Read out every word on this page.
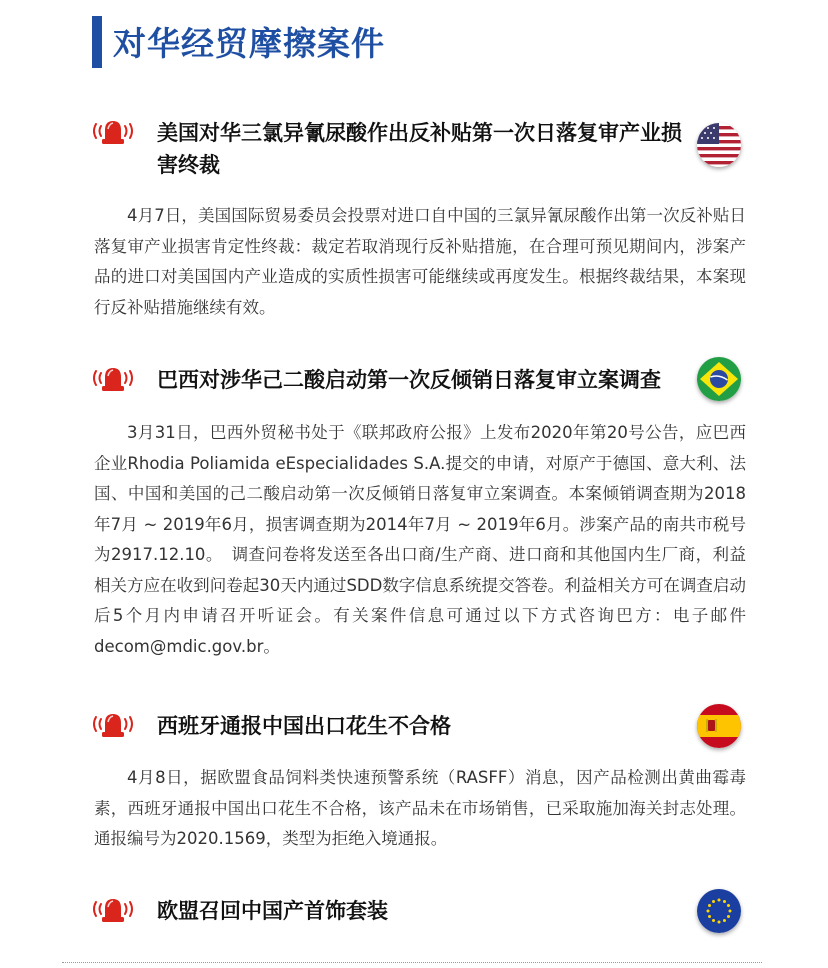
对华经贸摩擦案件
美国对华三氯异氰尿酸作出反补贴第一次日落复审产业损害终裁
4月7日，美国国际贸易委员会投票对进口自中国的三氯异氰尿酸作出第一次反补贴日落复审产业损害肯定性终裁：裁定若取消现行反补贴措施，在合理可预见期间内，涉案产品的进口对美国国内产业造成的实质性损害可能继续或再度发生。根据终裁结果，本案现行反补贴措施继续有效。
巴西对涉华己二酸启动第一次反倾销日落复审立案调查
3月31日，巴西外贸秘书处于《联邦政府公报》上发布2020年第20号公告，应巴西企业Rhodia Poliamida eEspecialidades S.A.提交的申请，对原产于德国、意大利、法国、中国和美国的己二酸启动第一次反倾销日落复审立案调查。本案倾销调查期为2018年7月 ~ 2019年6月，损害调查期为2014年7月 ~ 2019年6月。涉案产品的南共市税号为2917.12.10。　调查问卷将发送至各出口商/生产商、进口商和其他国内生厂商，利益相关方应在收到问卷起30天内通过SDD数字信息系统提交答卷。利益相关方可在调查启动后5个月内申请召开听证会。有关案件信息可通过以下方式咨询巴方：电子邮件decom@mdic.gov.br。
西班牙通报中国出口花生不合格
4月8日，据欧盟食品饲料类快速预警系统（RASFF）消息，因产品检测出黄曲霉毒素，西班牙通报中国出口花生不合格，该产品未在市场销售，已采取施加海关封志处理。通报编号为2020.1569，类型为拒绝入境通报。
欧盟召回中国产首饰套装
